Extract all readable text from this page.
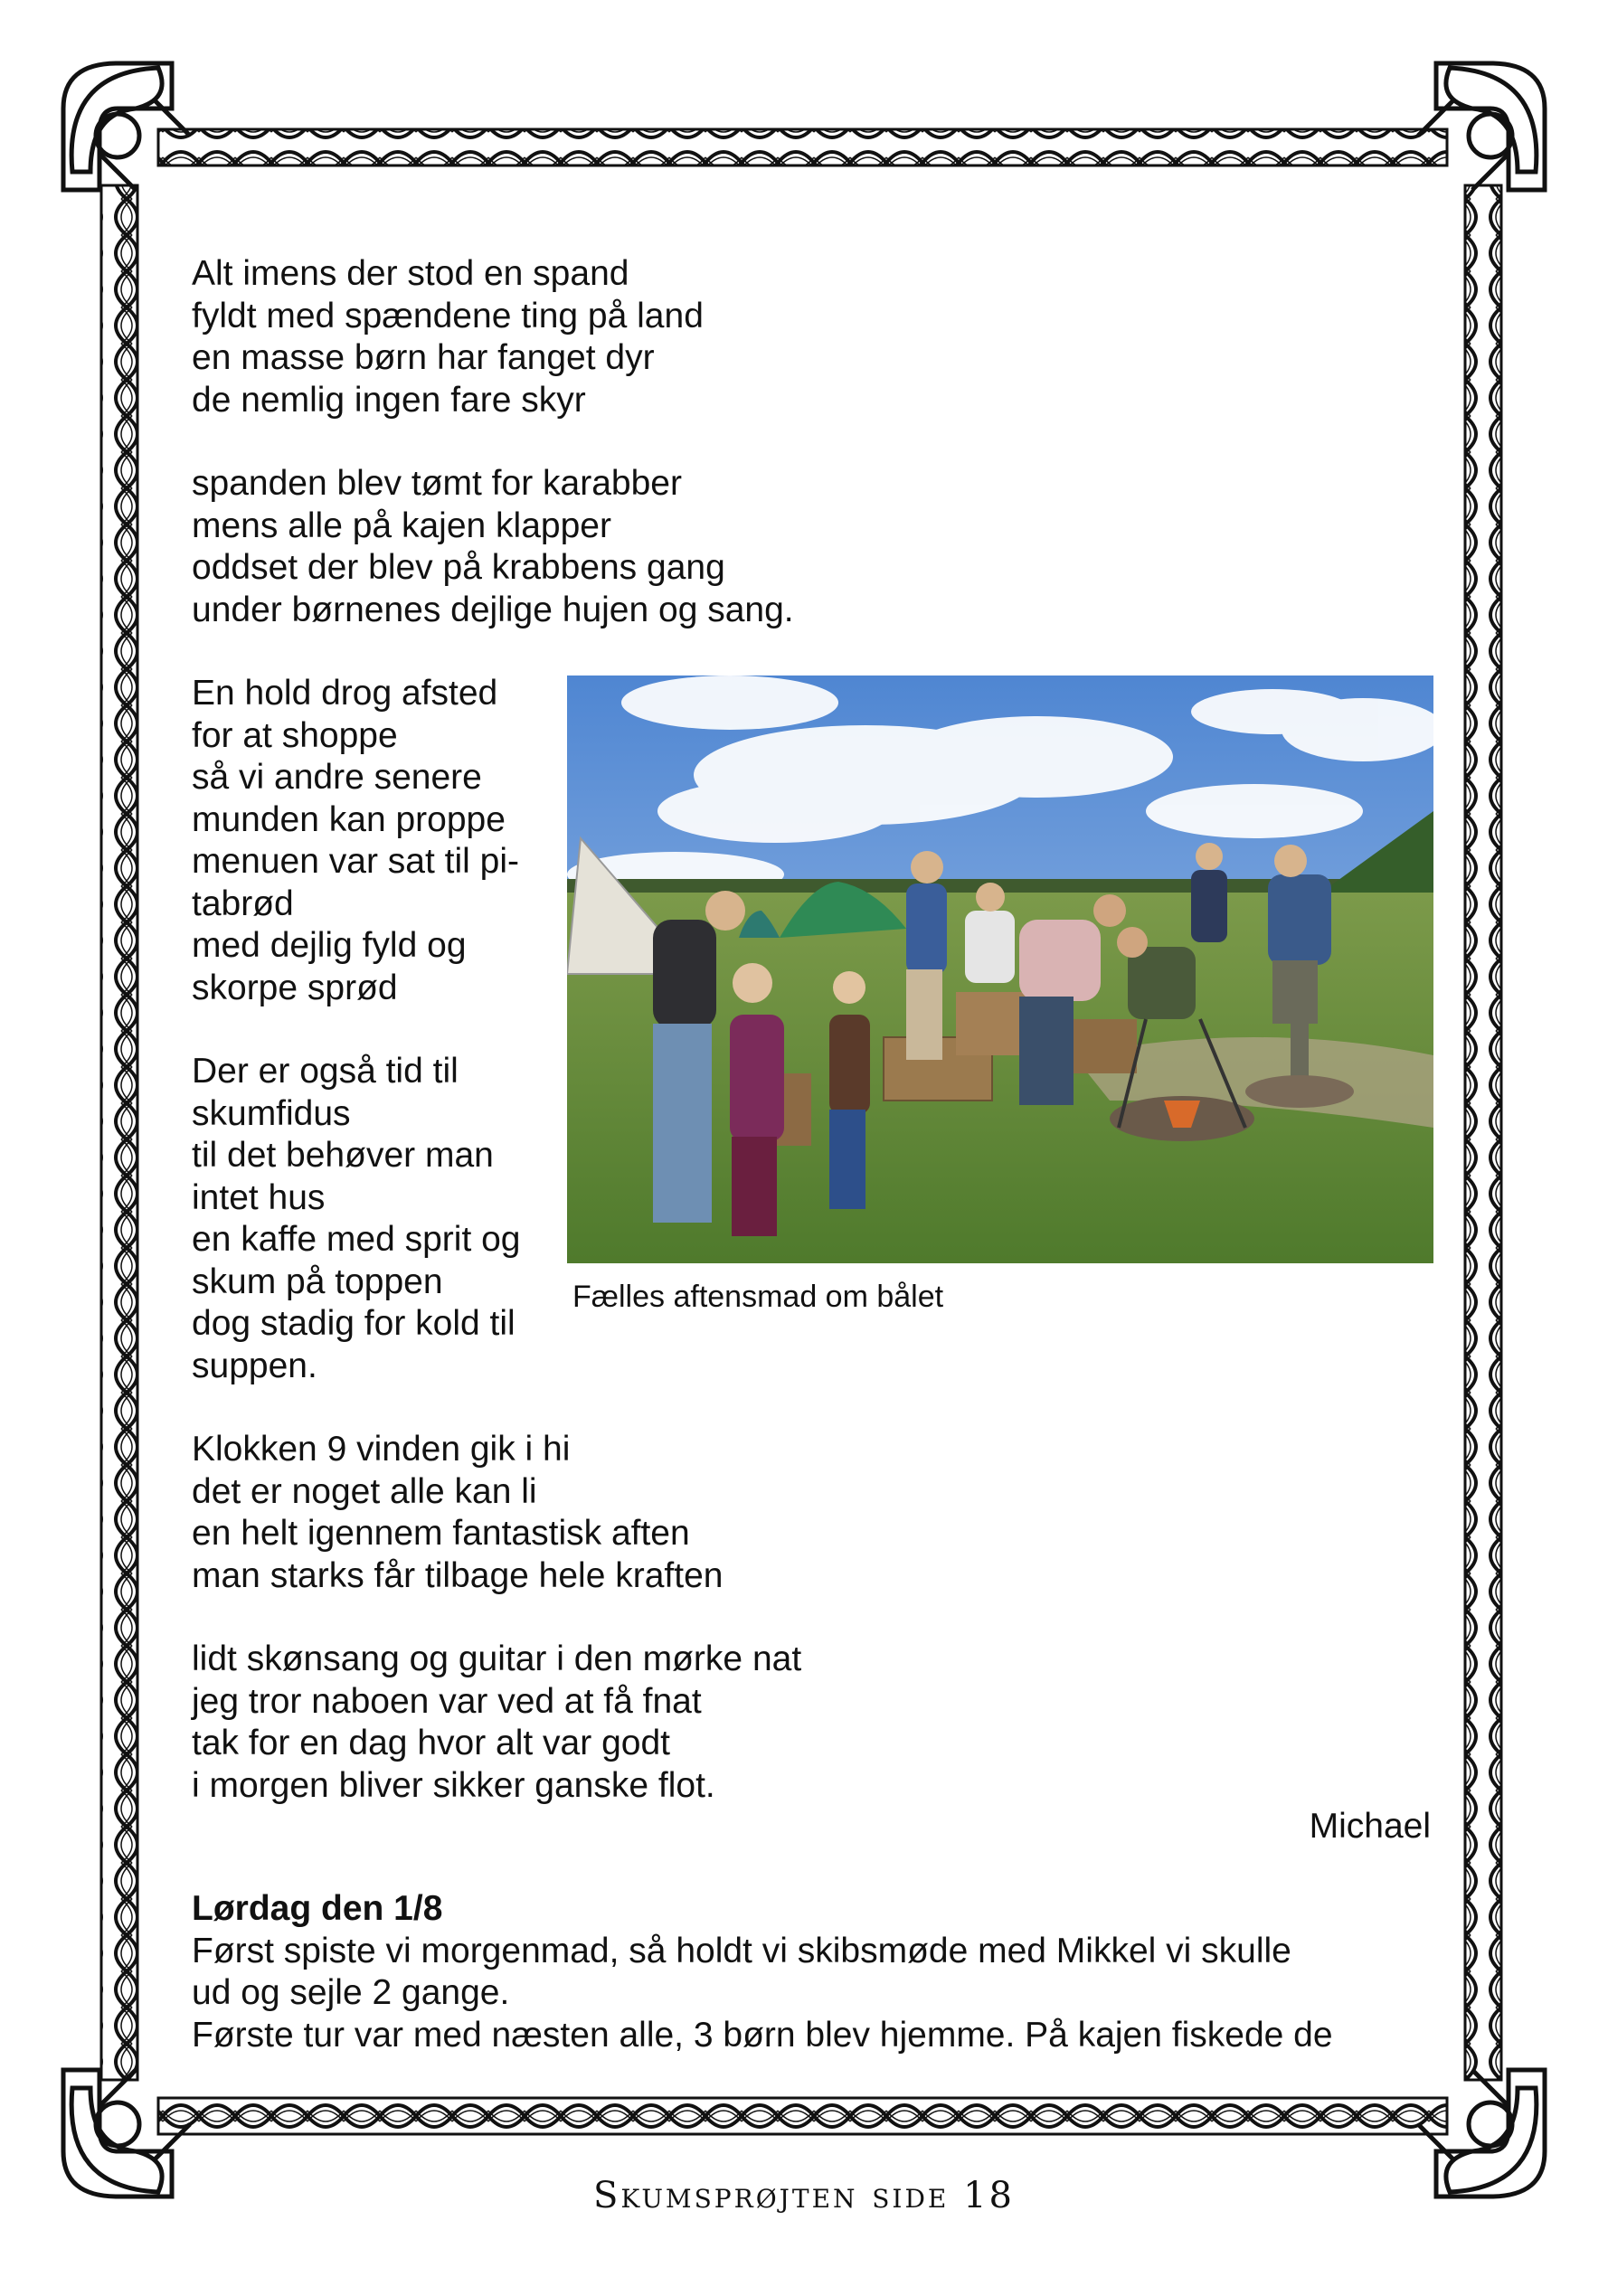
Alt imens der stod en spand
fyldt med spændene ting på land
en masse børn har fanget dyr
de nemlig ingen fare skyr
spanden blev tømt for karabber
mens alle på kajen klapper
oddset der blev på krabbens gang
under børnenes dejlige hujen og sang.
En hold drog afsted
for at shoppe
så vi andre senere
munden kan proppe
menuen var sat til pi-
tabrød
med dejlig fyld og
skorpe sprød
Der er også tid til
skumfidus
til det behøver man
intet hus
en kaffe med sprit og
skum på toppen
dog stadig for kold til
suppen.
Klokken 9 vinden gik i hi
det er noget alle kan li
en helt igennem fantastisk aften
man starks får tilbage hele kraften
lidt skønsang og guitar i den mørke nat
jeg tror naboen var ved at få fnat
tak for en dag hvor alt var godt
i morgen bliver sikker ganske flot.
Michael
Lørdag den 1/8
Først spiste vi morgenmad, så holdt vi skibsmøde med Mikkel vi skulle
ud og sejle 2 gange.
Første tur var med næsten alle, 3 børn blev hjemme. På kajen fiskede de
Fælles aftensmad om bålet
Skumsprøjten side 18
